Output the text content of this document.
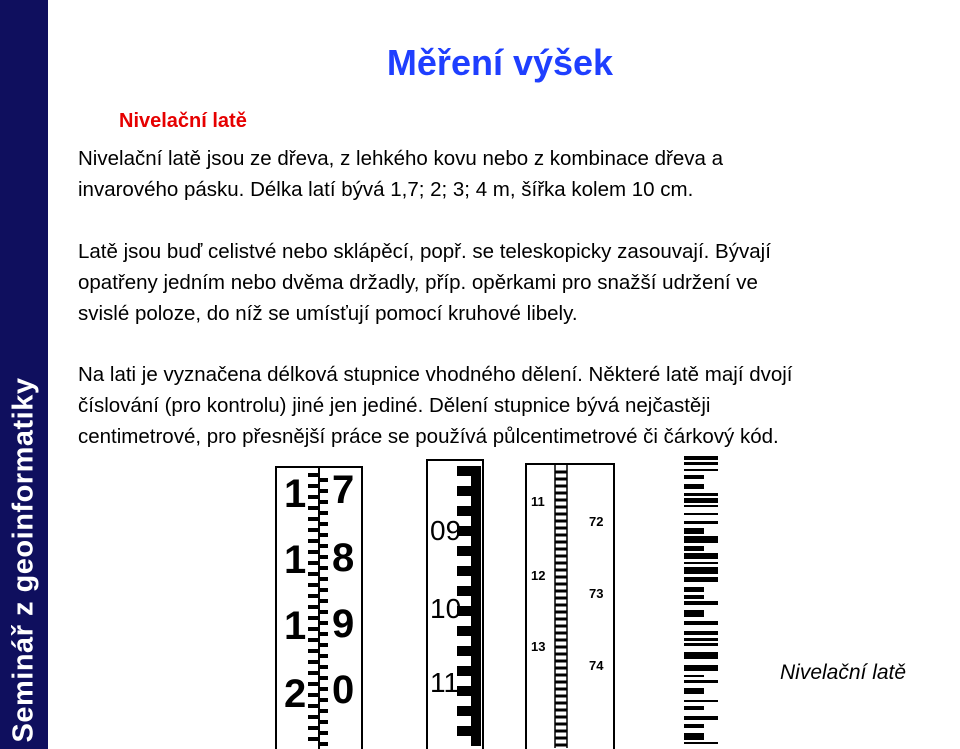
Seminář z geoinformatiky
Měření výšek
Nivelační latě
Nivelační latě jsou ze dřeva, z lehkého kovu nebo z kombinace dřeva a
invarového pásku. Délka latí bývá 1,7; 2; 3; 4 m, šířka kolem 10 cm.
Latě jsou buď celistvé nebo sklápěcí, popř. se teleskopicky zasouvají. Bývají
opatřeny jedním nebo dvěma držadly, příp. opěrkami pro snažší udržení ve
svislé poloze, do níž se umísťují pomocí kruhové libely.
Na lati je vyznačena délková stupnice vhodného dělení. Některé latě mají dvojí
číslování (pro kontrolu) jiné jen jediné. Dělení stupnice bývá nejčastěji
centimetrové, pro přesnější práce se používá půlcentimetrové či čárkový kód.
1
1
1
2
7
8
9
0
09
10
11
11
12
13
72
73
74	Nivelační latě
